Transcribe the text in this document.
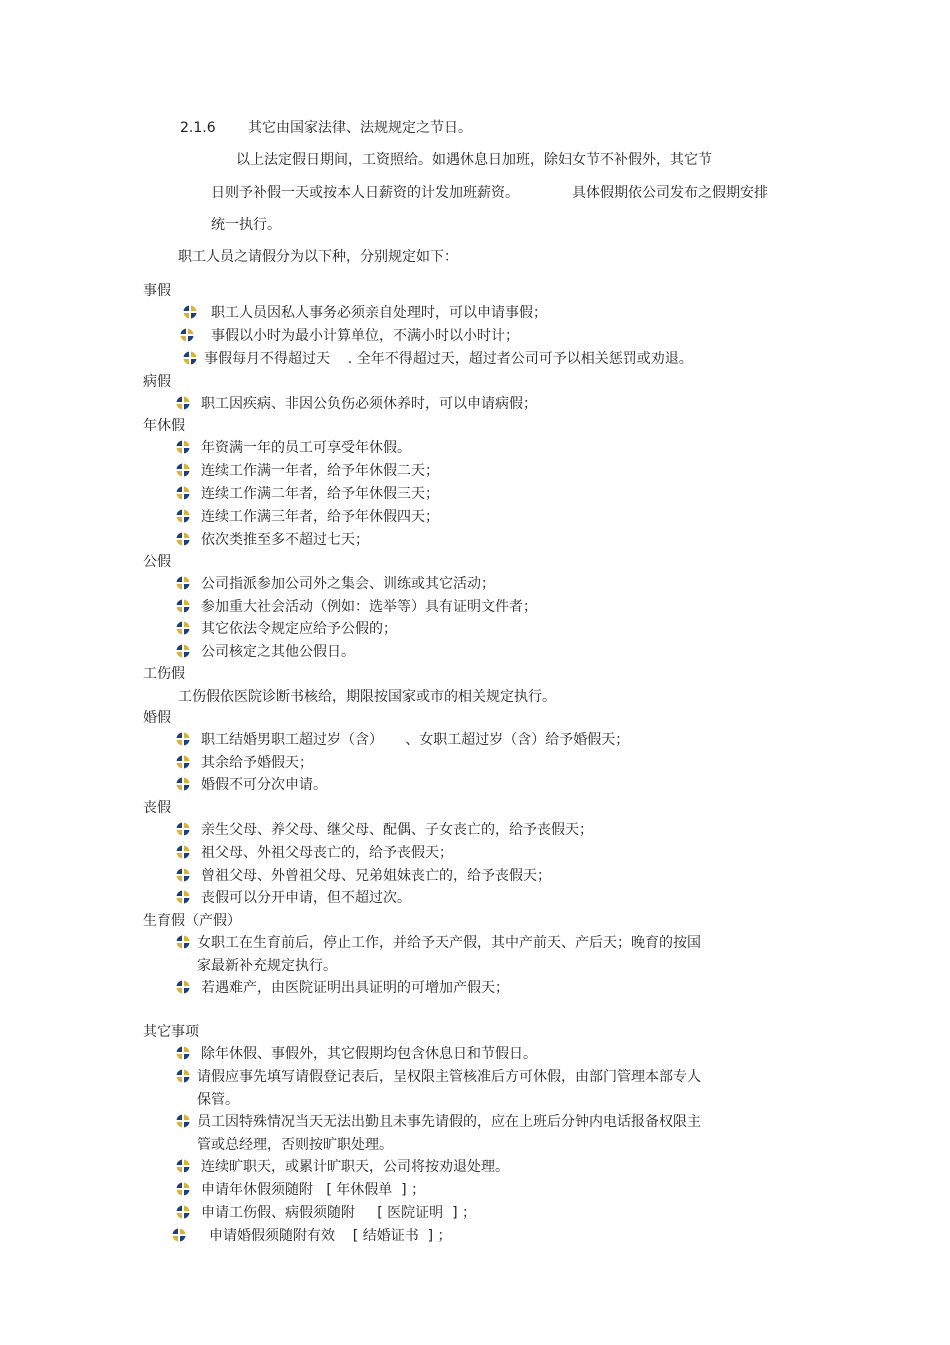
2.1.6 其它由国家法律、法规规定之节日。
以上法定假日期间，工资照给。如遇休息日加班，除妇女节不补假外，其它节
日则予补假一天或按本人日薪资的计发加班薪资。	具体假期依公司发布之假期安排
统一执行。
职工人员之请假分为以下种，分别规定如下：
事假
职工人员因私人事务必须亲自处理时，可以申请事假；
事假以小时为最小计算单位，不满小时以小时计；
事假每月不得超过天    . 全年不得超过天，超过者公司可予以相关惩罚或劝退。
病假
职工因疾病、非因公负伤必须休养时，可以申请病假；
年休假
年资满一年的员工可享受年休假。
连续工作满一年者，给予年休假二天；
连续工作满二年者，给予年休假三天；
连续工作满三年者，给予年休假四天；
依次类推至多不超过七天；
公假
公司指派参加公司外之集会、训练或其它活动；
参加重大社会活动（例如：选举等）具有证明文件者；
其它依法令规定应给予公假的；
公司核定之其他公假日。
工伤假
工伤假依医院诊断书核给，期限按国家或市的相关规定执行。
婚假
职工结婚男职工超过岁（含）     、女职工超过岁（含）给予婚假天；
其余给予婚假天；
婚假不可分次申请。
丧假
亲生父母、养父母、继父母、配偶、子女丧亡的，给予丧假天；
祖父母、外祖父母丧亡的，给予丧假天；
曾祖父母、外曾祖父母、兄弟姐妹丧亡的，给予丧假天；
丧假可以分开申请，但不超过次。
生育假（产假）
女职工在生育前后，停止工作，并给予天产假，其中产前天、产后天；晚育的按国
家最新补充规定执行。
若遇难产，由医院证明出具证明的可增加产假天；
其它事项
除年休假、事假外，其它假期均包含休息日和节假日。
请假应事先填写请假登记表后，呈权限主管核准后方可休假，由部门管理本部专人
保管。
员工因特殊情况当天无法出勤且未事先请假的，应在上班后分钟内电话报备权限主
管或总经理，否则按旷职处理。
连续旷职天，或累计旷职天，公司将按劝退处理。
申请年休假须随附   [ 年休假单  ] ；
申请工伤假、病假须随附     [ 医院证明  ] ；
申请婚假须随附有效    [ 结婚证书  ] ；
